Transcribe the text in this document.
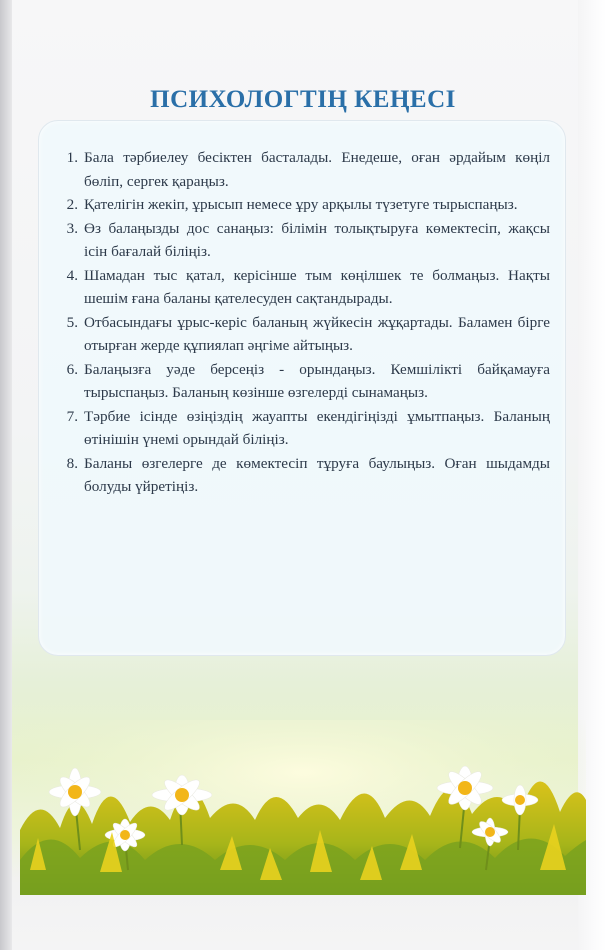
ПСИХОЛОГТІҢ КЕҢЕСІ
1. Бала тәрбиелеу бесіктен басталады. Енедеше, оған әрдайым көңіл бөліп, сергек қараңыз.
2. Қателігін жекіп, ұрысып немесе ұру арқылы түзетуге тырыспаңыз.
3. Өз балаңызды дос санаңыз: білімін толықтыруға көмектесіп, жақсы ісін бағалай біліңіз.
4. Шамадан тыс қатал, керісінше тым көңілшек те болмаңыз. Нақты шешім ғана баланы қателесуден сақтандырады.
5. Отбасындағы ұрыс-керіс баланың жүйкесін жұқартады. Баламен бірге отырған жерде құпиялап әңгіме айтыңыз.
6. Балаңызға уәде берсеңіз - орындаңыз. Кемшілікті байқамауға тырыспаңыз. Баланың көзінше өзгелерді сынамаңыз.
7. Тәрбие ісінде өзіңіздің жауапты екендігіңізді ұмытпаңыз. Баланың өтінішін үнемі орындай біліңіз.
8. Баланы өзгелерге де көмектесіп тұруға баулыңыз. Оған шыдамды болуды үйретіңіз.
